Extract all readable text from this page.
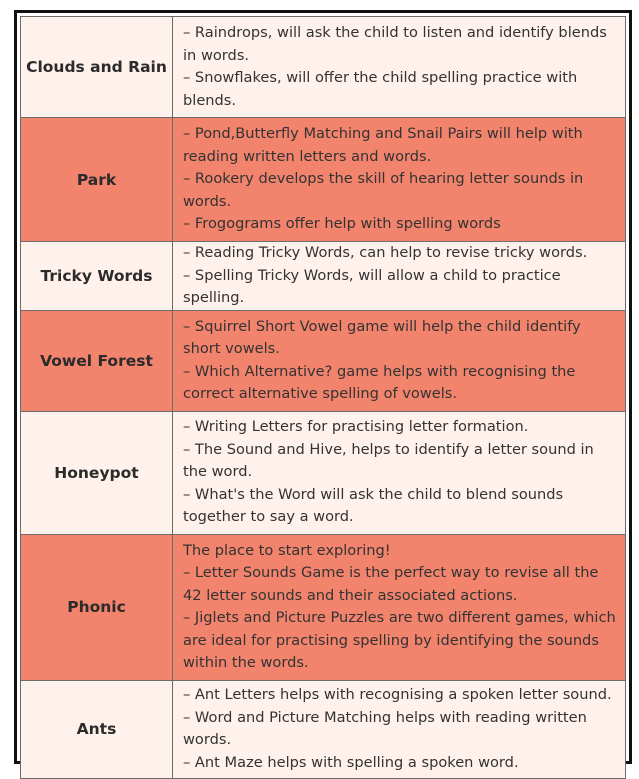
Clouds and Rain	– Raindrops, will ask the child to listen and identify blends in words.
– Snowflakes, will offer the child spelling practice with blends.

Park	– Pond,Butterfly Matching and Snail Pairs will help with reading written letters and words.
– Rookery develops the skill of hearing letter sounds in words.
– Frogograms offer help with spelling words

Tricky Words	– Reading Tricky Words, can help to revise tricky words.
– Spelling Tricky Words, will allow a child to practice spelling.

Vowel Forest	– Squirrel Short Vowel game will help the child identify short vowels.
– Which Alternative? game helps with recognising the correct alternative spelling of vowels.

Honeypot	– Writing Letters for practising letter formation.
– The Sound and Hive, helps to identify a letter sound in the word.
– What's the Word will ask the child to blend sounds together to say a word.

Phonic	The place to start exploring!
– Letter Sounds Game is the perfect way to revise all the 42 letter sounds and their associated actions.
– Jiglets and Picture Puzzles are two different games, which are ideal for practising spelling by identifying the sounds within the words.

Ants	– Ant Letters helps with recognising a spoken letter sound.
– Word and Picture Matching helps with reading written words.
– Ant Maze helps with spelling a spoken word.
